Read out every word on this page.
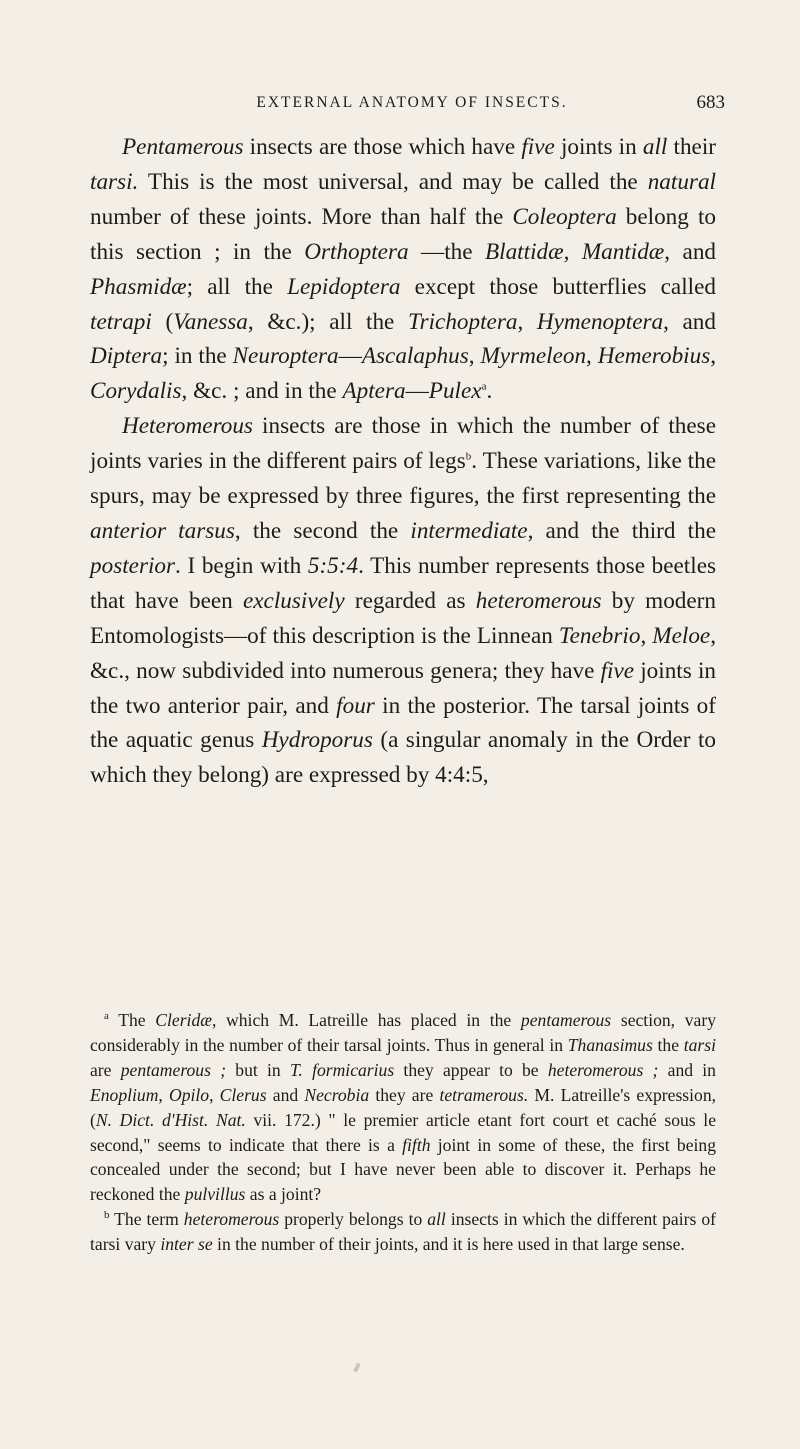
EXTERNAL ANATOMY OF INSECTS.	683

Pentamerous insects are those which have five joints in all their tarsi. This is the most universal, and may be called the natural number of these joints. More than half the Coleoptera belong to this section ; in the Orthoptera —the Blattidæ, Mantidæ, and Phasmidæ; all the Lepidoptera except those butterflies called tetrapi (Vanessa, &c.); all the Trichoptera, Hymenoptera, and Diptera; in the Neuroptera—Ascalaphus, Myrmeleon, Hemerobius, Corydalis, &c. ; and in the Aptera—Pulex$^a$.

Heteromerous insects are those in which the number of these joints varies in the different pairs of legs$^b$. These variations, like the spurs, may be expressed by three figures, the first representing the anterior tarsus, the second the intermediate, and the third the posterior. I begin with 5:5:4. This number represents those beetles that have been exclusively regarded as heteromerous by modern Entomologists—of this description is the Linnean Tenebrio, Meloe, &c., now subdivided into numerous genera; they have five joints in the two anterior pair, and four in the posterior. The tarsal joints of the aquatic genus Hydroporus (a singular anomaly in the Order to which they belong) are expressed by 4:4:5,

$^a$ The Cleridæ, which M. Latreille has placed in the pentamerous section, vary considerably in the number of their tarsal joints. Thus in general in Thanasimus the tarsi are pentamerous ; but in T. formicarius they appear to be heteromerous ; and in Enoplium, Opilo, Clerus and Necrobia they are tetramerous. M. Latreille's expression, (N. Dict. d'Hist. Nat. vii. 172.) " le premier article etant fort court et caché sous le second," seems to indicate that there is a fifth joint in some of these, the first being concealed under the second; but I have never been able to discover it. Perhaps he reckoned the pulvillus as a joint?

$^b$ The term heteromerous properly belongs to all insects in which the different pairs of tarsi vary inter se in the number of their joints, and it is here used in that large sense.
